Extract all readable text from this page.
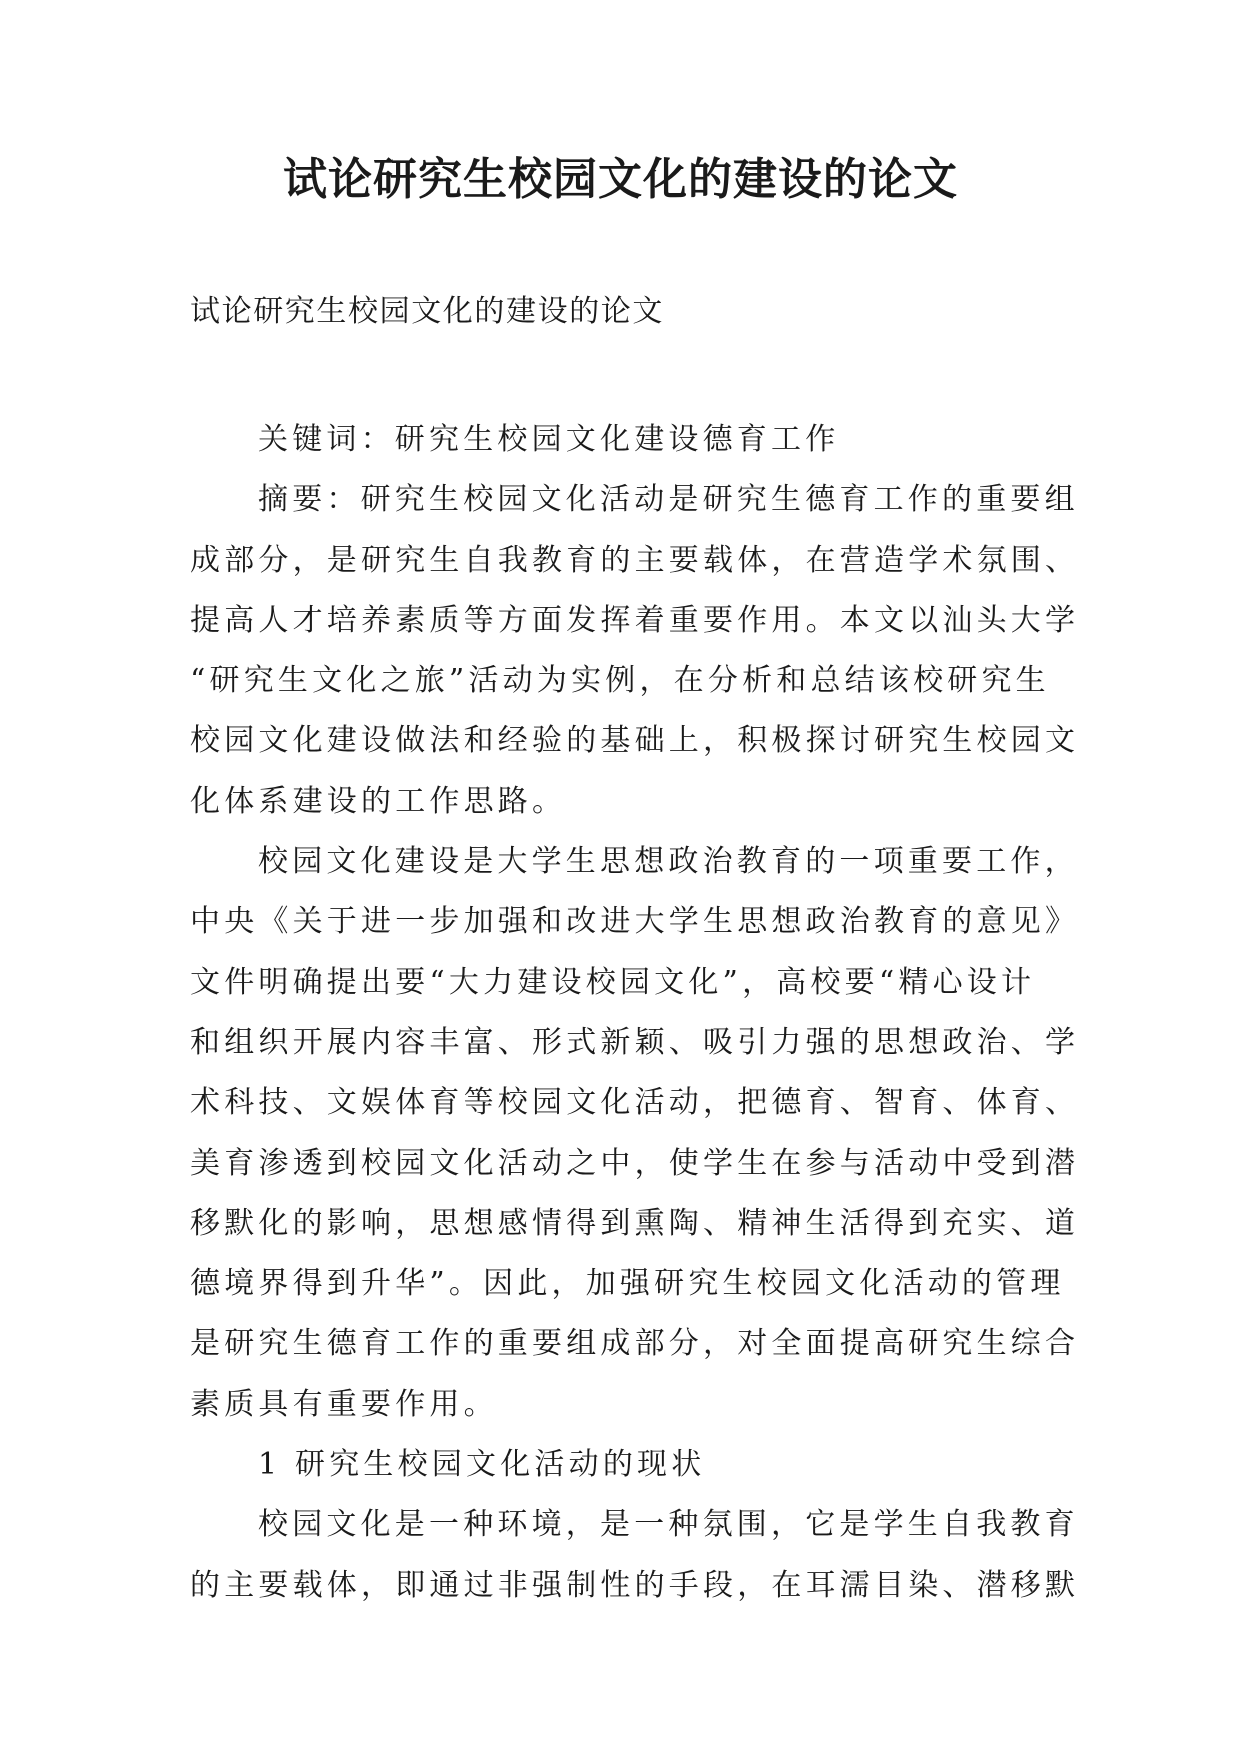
试论研究生校园文化的建设的论文
试论研究生校园文化的建设的论文

关键词：研究生校园文化建设德育工作

摘要：研究生校园文化活动是研究生德育工作的重要组

成部分，是研究生自我教育的主要载体，在营造学术氛围、

提高人才培养素质等方面发挥着重要作用。本文以汕头大学

“研究生文化之旅”活动为实例，在分析和总结该校研究生

校园文化建设做法和经验的基础上，积极探讨研究生校园文

化体系建设的工作思路。

校园文化建设是大学生思想政治教育的一项重要工作，

中央《关于进一步加强和改进大学生思想政治教育的意见》

文件明确提出要“大力建设校园文化”，高校要“精心设计

和组织开展内容丰富、形式新颖、吸引力强的思想政治、学

术科技、文娱体育等校园文化活动，把德育、智育、体育、

美育渗透到校园文化活动之中，使学生在参与活动中受到潜

移默化的影响，思想感情得到熏陶、精神生活得到充实、道

德境界得到升华”。因此，加强研究生校园文化活动的管理

是研究生德育工作的重要组成部分，对全面提高研究生综合

素质具有重要作用。

1 研究生校园文化活动的现状

校园文化是一种环境，是一种氛围，它是学生自我教育

的主要载体，即通过非强制性的手段，在耳濡目染、潜移默
